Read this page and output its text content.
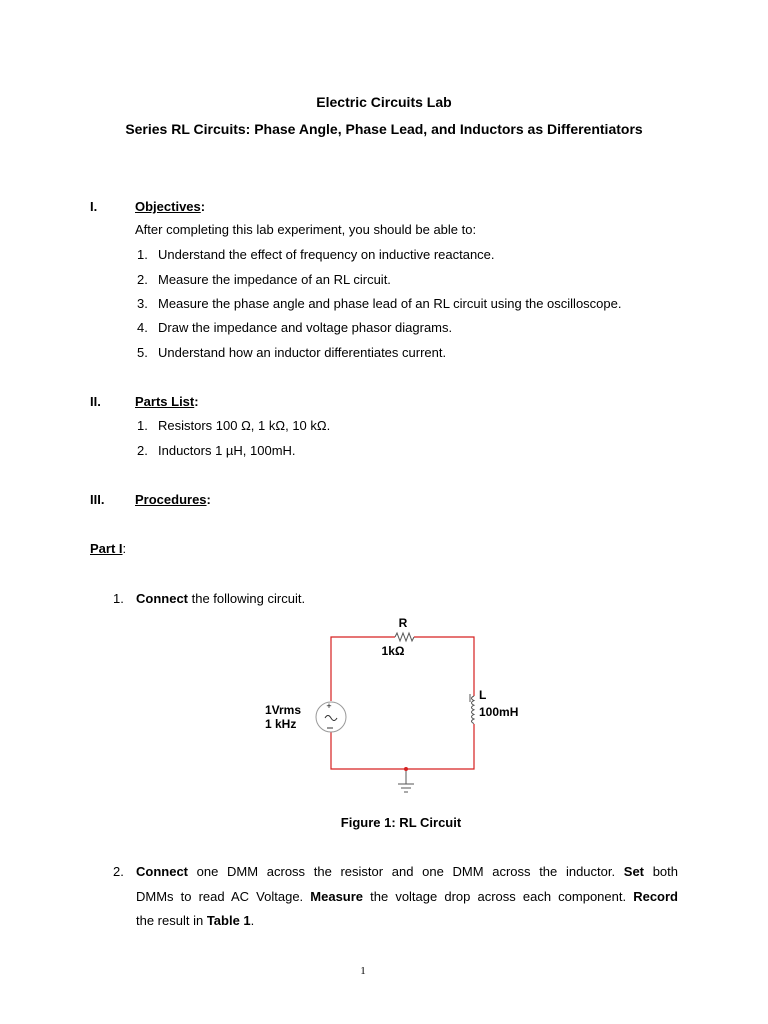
Electric Circuits Lab
Series RL Circuits: Phase Angle, Phase Lead, and Inductors as Differentiators
I.	Objectives:
After completing this lab experiment, you should be able to:
1. Understand the effect of frequency on inductive reactance.
2. Measure the impedance of an RL circuit.
3. Measure the phase angle and phase lead of an RL circuit using the oscilloscope.
4. Draw the impedance and voltage phasor diagrams.
5. Understand how an inductor differentiates current.
II.	Parts List:
1. Resistors 100 Ω, 1 kΩ, 10 kΩ.
2. Inductors 1 µH, 100mH.
III. Procedures:
Part I:
1. Connect the following circuit.
+
R
1kΩ
L
100mH
1Vrms
1 kHz
Figure 1: RL Circuit
2. Connect one DMM across the resistor and one DMM across the inductor. Set both
DMMs to read AC Voltage. Measure the voltage drop across each component. Record
the result in Table 1.
1
